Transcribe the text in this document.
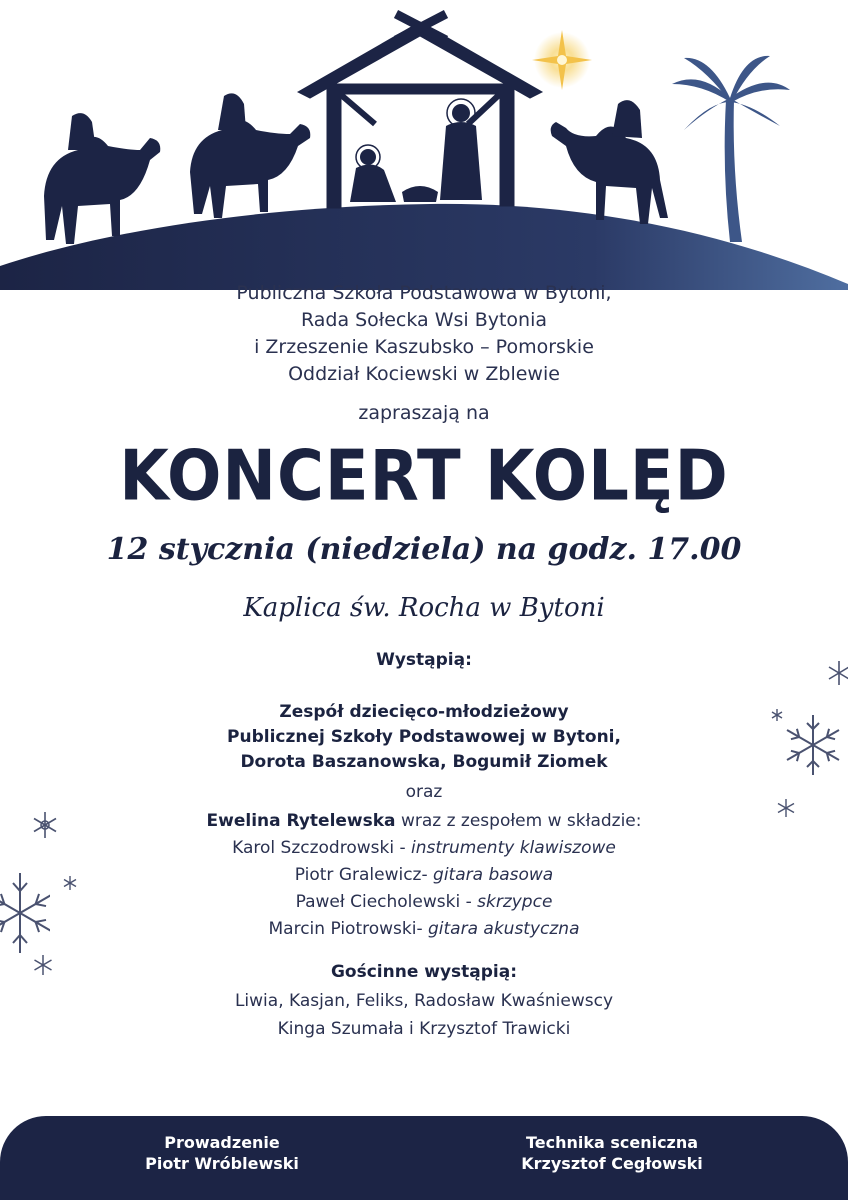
Publiczna Szkoła Podstawowa w Bytoni,
Rada Sołecka Wsi Bytonia
i Zrzeszenie Kaszubsko – Pomorskie
Oddział Kociewski w Zblewie
zapraszają na
KONCERT KOLĘD
12 stycznia (niedziela) na godz. 17.00
Kaplica św. Rocha w Bytoni
Wystąpią:
Zespół dziecięco-młodzieżowy
Publicznej Szkoły Podstawowej w Bytoni,
Dorota Baszanowska, Bogumił Ziomek
oraz
Ewelina Rytelewska wraz z zespołem w składzie:
Karol Szczodrowski - instrumenty klawiszowe
Piotr Gralewicz- gitara basowa
Paweł Ciecholewski - skrzypce
Marcin Piotrowski- gitara akustyczna
Gościnne wystąpią:
Liwia, Kasjan, Feliks, Radosław Kwaśniewscy
Kinga Szumała i Krzysztof Trawicki
Prowadzenie
Piotr Wróblewski
Technika sceniczna
Krzysztof Cegłowski
